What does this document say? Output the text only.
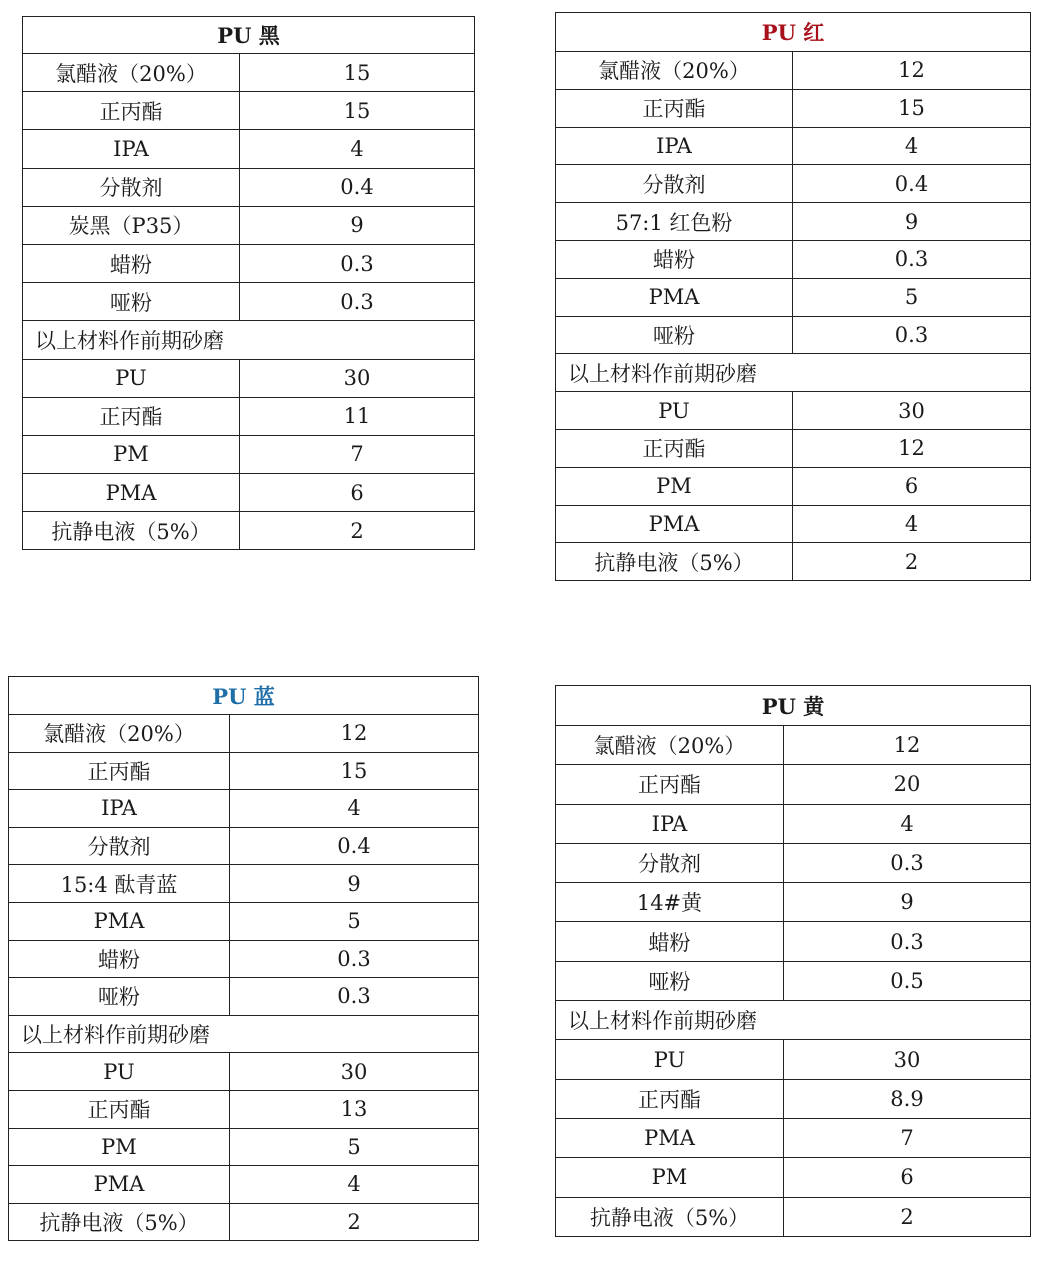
PU 黑	
氯醋液（20%）	15
正丙酯	15
IPA	4
分散剂	0.4
炭黑（P35）	9
蜡粉	0.3
哑粉	0.3
以上材料作前期砂磨	
PU	30
正丙酯	11
PM	7
PMA	6
抗静电液（5%）	2
PU 红	
氯醋液（20%）	12
正丙酯	15
IPA	4
分散剂	0.4
57:1 红色粉	9
蜡粉	0.3
PMA	5
哑粉	0.3
以上材料作前期砂磨	
PU	30
正丙酯	12
PM	6
PMA	4
抗静电液（5%）	2
PU 蓝	
氯醋液（20%）	12
正丙酯	15
IPA	4
分散剂	0.4
15:4 酞青蓝	9
PMA	5
蜡粉	0.3
哑粉	0.3
以上材料作前期砂磨	
PU	30
正丙酯	13
PM	5
PMA	4
抗静电液（5%）	2
PU 黄	
氯醋液（20%）	12
正丙酯	20
IPA	4
分散剂	0.3
14#黄	9
蜡粉	0.3
哑粉	0.5
以上材料作前期砂磨	
PU	30
正丙酯	8.9
PMA	7
PM	6
抗静电液（5%）	2
